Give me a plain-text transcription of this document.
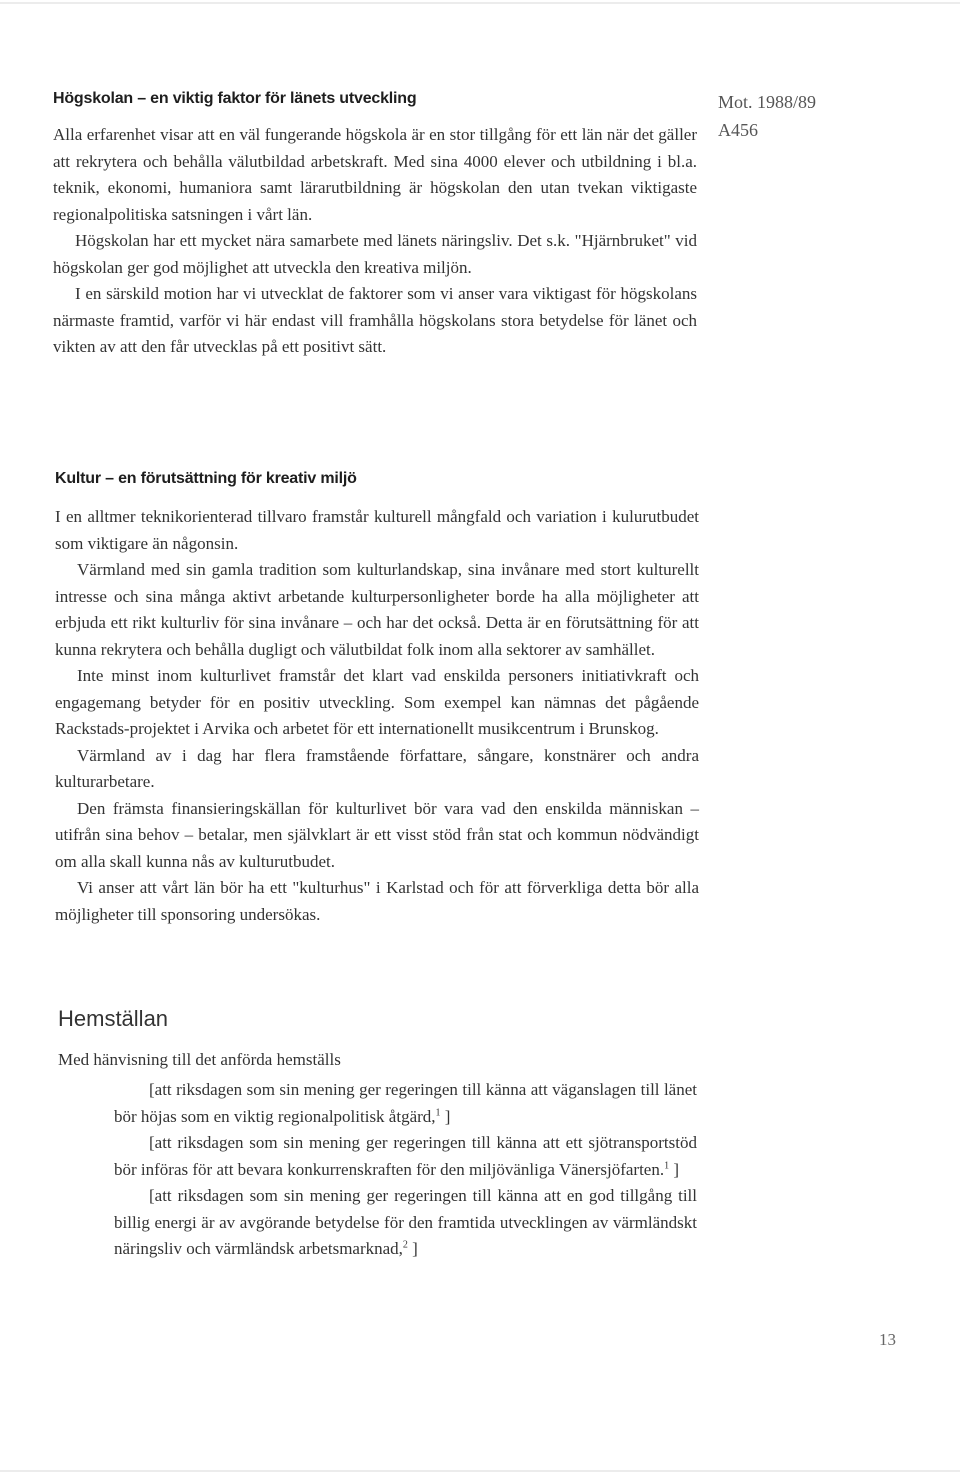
Mot. 1988/89
A456
Högskolan – en viktig faktor för länets utveckling

Alla erfarenhet visar att en väl fungerande högskola är en stor tillgång för ett län när det gäller att rekrytera och behålla välutbildad arbetskraft. Med sina 4000 elever och utbildning i bl.a. teknik, ekonomi, humaniora samt lärarutbildning är högskolan den utan tvekan viktigaste regionalpolitiska satsningen i vårt län.

Högskolan har ett mycket nära samarbete med länets näringsliv. Det s.k. "Hjärnbruket" vid högskolan ger god möjlighet att utveckla den kreativa miljön.

I en särskild motion har vi utvecklat de faktorer som vi anser vara viktigast för högskolans närmaste framtid, varför vi här endast vill framhålla högskolans stora betydelse för länet och vikten av att den får utvecklas på ett positivt sätt.

Kultur – en förutsättning för kreativ miljö

I en alltmer teknikorienterad tillvaro framstår kulturell mångfald och variation i kulurutbudet som viktigare än någonsin.

Värmland med sin gamla tradition som kulturlandskap, sina invånare med stort kulturellt intresse och sina många aktivt arbetande kulturpersonligheter borde ha alla möjligheter att erbjuda ett rikt kulturliv för sina invånare – och har det också. Detta är en förutsättning för att kunna rekrytera och behålla dugligt och välutbildat folk inom alla sektorer av samhället.

Inte minst inom kulturlivet framstår det klart vad enskilda personers initiativkraft och engagemang betyder för en positiv utveckling. Som exempel kan nämnas det pågående Rackstads-projektet i Arvika och arbetet för ett internationellt musikcentrum i Brunskog.

Värmland av i dag har flera framstående författare, sångare, konstnärer och andra kulturarbetare.

Den främsta finansieringskällan för kulturlivet bör vara vad den enskilda människan – utifrån sina behov – betalar, men självklart är ett visst stöd från stat och kommun nödvändigt om alla skall kunna nås av kulturutbudet.

Vi anser att vårt län bör ha ett "kulturhus" i Karlstad och för att förverkliga detta bör alla möjligheter till sponsoring undersökas.

Hemställan

Med hänvisning till det anförda hemställs

[att riksdagen som sin mening ger regeringen till känna att väganslagen till länet bör höjas som en viktig regionalpolitisk åtgärd,$^1$ ]

[att riksdagen som sin mening ger regeringen till känna att ett sjötransportstöd bör införas för att bevara konkurrenskraften för den miljövänliga Vänersjöfarten.$^1$ ]

[att riksdagen som sin mening ger regeringen till känna att en god tillgång till billig energi är av avgörande betydelse för den framtida utvecklingen av värmländskt näringsliv och värmländsk arbetsmarknad,$^2$ ]

13
